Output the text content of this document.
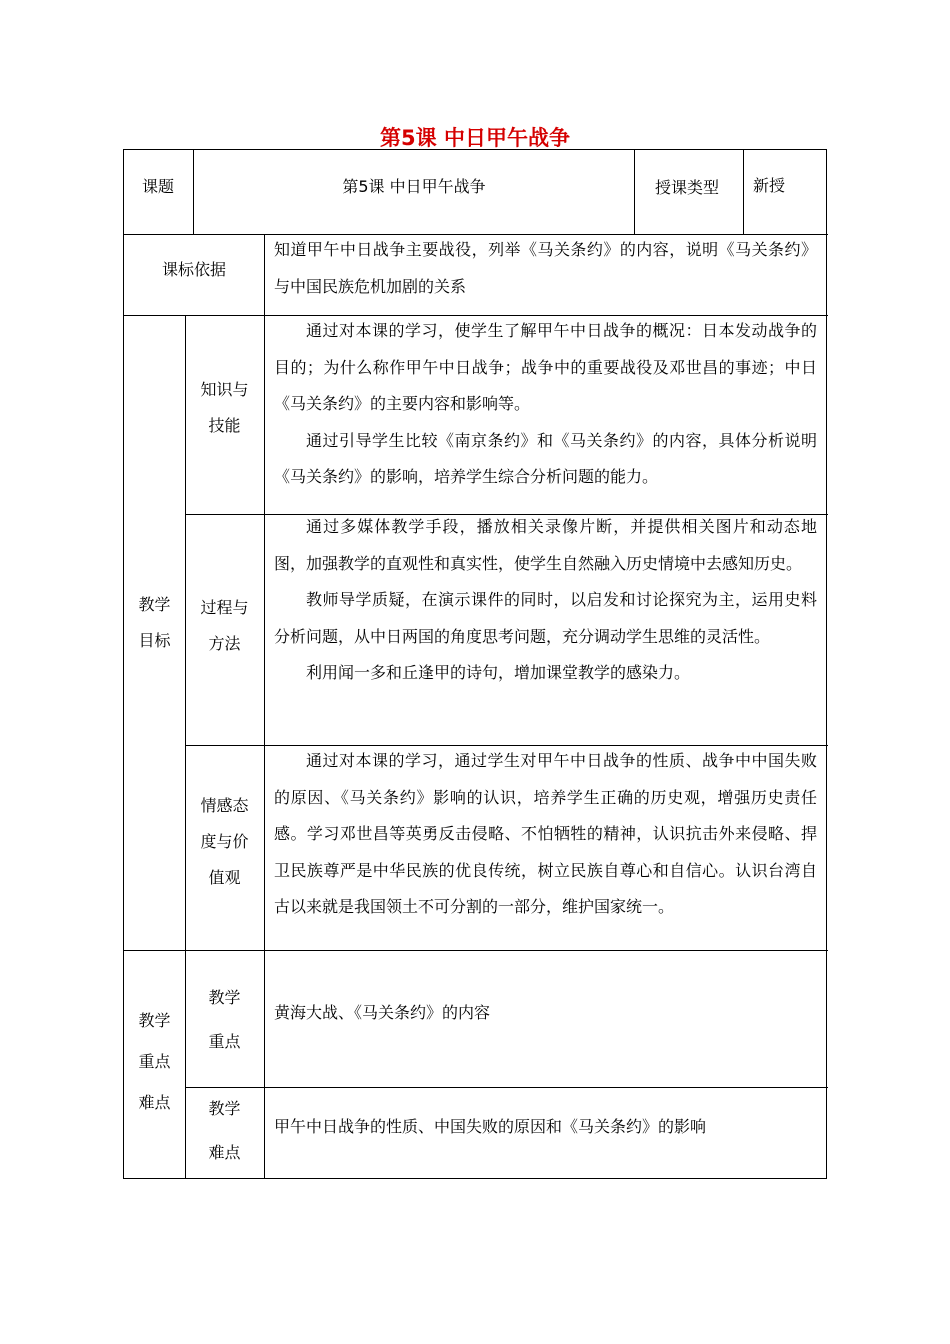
第5课 中日甲午战争
课题	第5课 中日甲午战争	授课类型 新授
课标依据

知道甲午中日战争主要战役，列举《马关条约》的内容，说明《马关条约》与中国民族危机加剧的关系

教学
目标
知识与
技能

通过对本课的学习，使学生了解甲午中日战争的概况：日本发动战争的目的；为什么称作甲午中日战争；战争中的重要战役及邓世昌的事迹；中日《马关条约》的主要内容和影响等。

通过引导学生比较《南京条约》和《马关条约》的内容，具体分析说明《马关条约》的影响，培养学生综合分析问题的能力。

过程与
方法

通过多媒体教学手段，播放相关录像片断，并提供相关图片和动态地图，加强教学的直观性和真实性，使学生自然融入历史情境中去感知历史。

教师导学质疑，在演示课件的同时，以启发和讨论探究为主，运用史料分析问题，从中日两国的角度思考问题，充分调动学生思维的灵活性。

利用闻一多和丘逢甲的诗句，增加课堂教学的感染力。

情感态
度与价
值观

通过对本课的学习，通过学生对甲午中日战争的性质、战争中中国失败的原因、《马关条约》影响的认识，培养学生正确的历史观，增强历史责任感。学习邓世昌等英勇反击侵略、不怕牺牲的精神，认识抗击外来侵略、捍卫民族尊严是中华民族的优良传统，树立民族自尊心和自信心。认识台湾自古以来就是我国领土不可分割的一部分，维护国家统一。

教学
重点
难点
教学
重点
黄海大战、《马关条约》的内容
教学
难点
甲午中日战争的性质、中国失败的原因和《马关条约》的影响
